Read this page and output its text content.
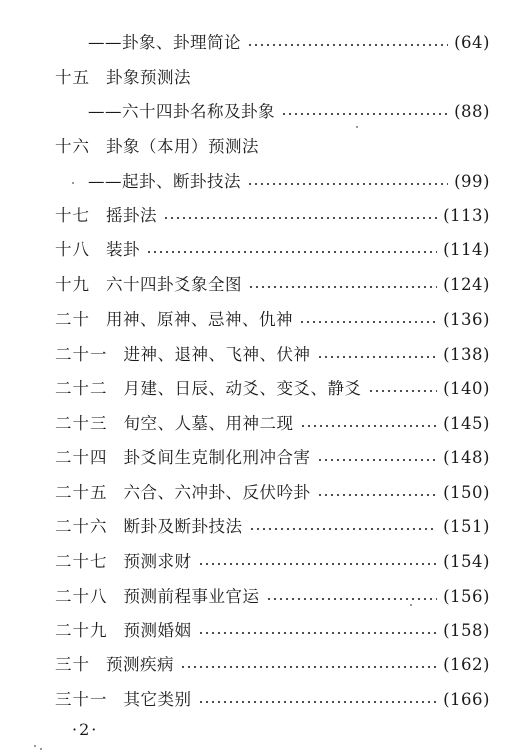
——卦象、卦理简论	(64)
十五 卦象预测法
——六十四卦名称及卦象	(88)
十六 卦象（本用）预测法
——起卦、断卦技法	(99)
十七 摇卦法	(113)
十八 装卦	(114)
十九 六十四卦爻象全图	(124)
二十 用神、原神、忌神、仇神	(136)
二十一 进神、退神、飞神、伏神	(138)
二十二 月建、日辰、动爻、变爻、静爻	(140)
二十三 旬空、人墓、用神二现	(145)
二十四 卦爻间生克制化刑冲合害	(148)
二十五 六合、六冲卦、反伏吟卦	(150)
二十六 断卦及断卦技法	(151)
二十七 预测求财	(154)
二十八 预测前程事业官运	(156)
二十九 预测婚姻	(158)
三十 预测疾病	(162)
三十一 其它类别	(166)
·2·
